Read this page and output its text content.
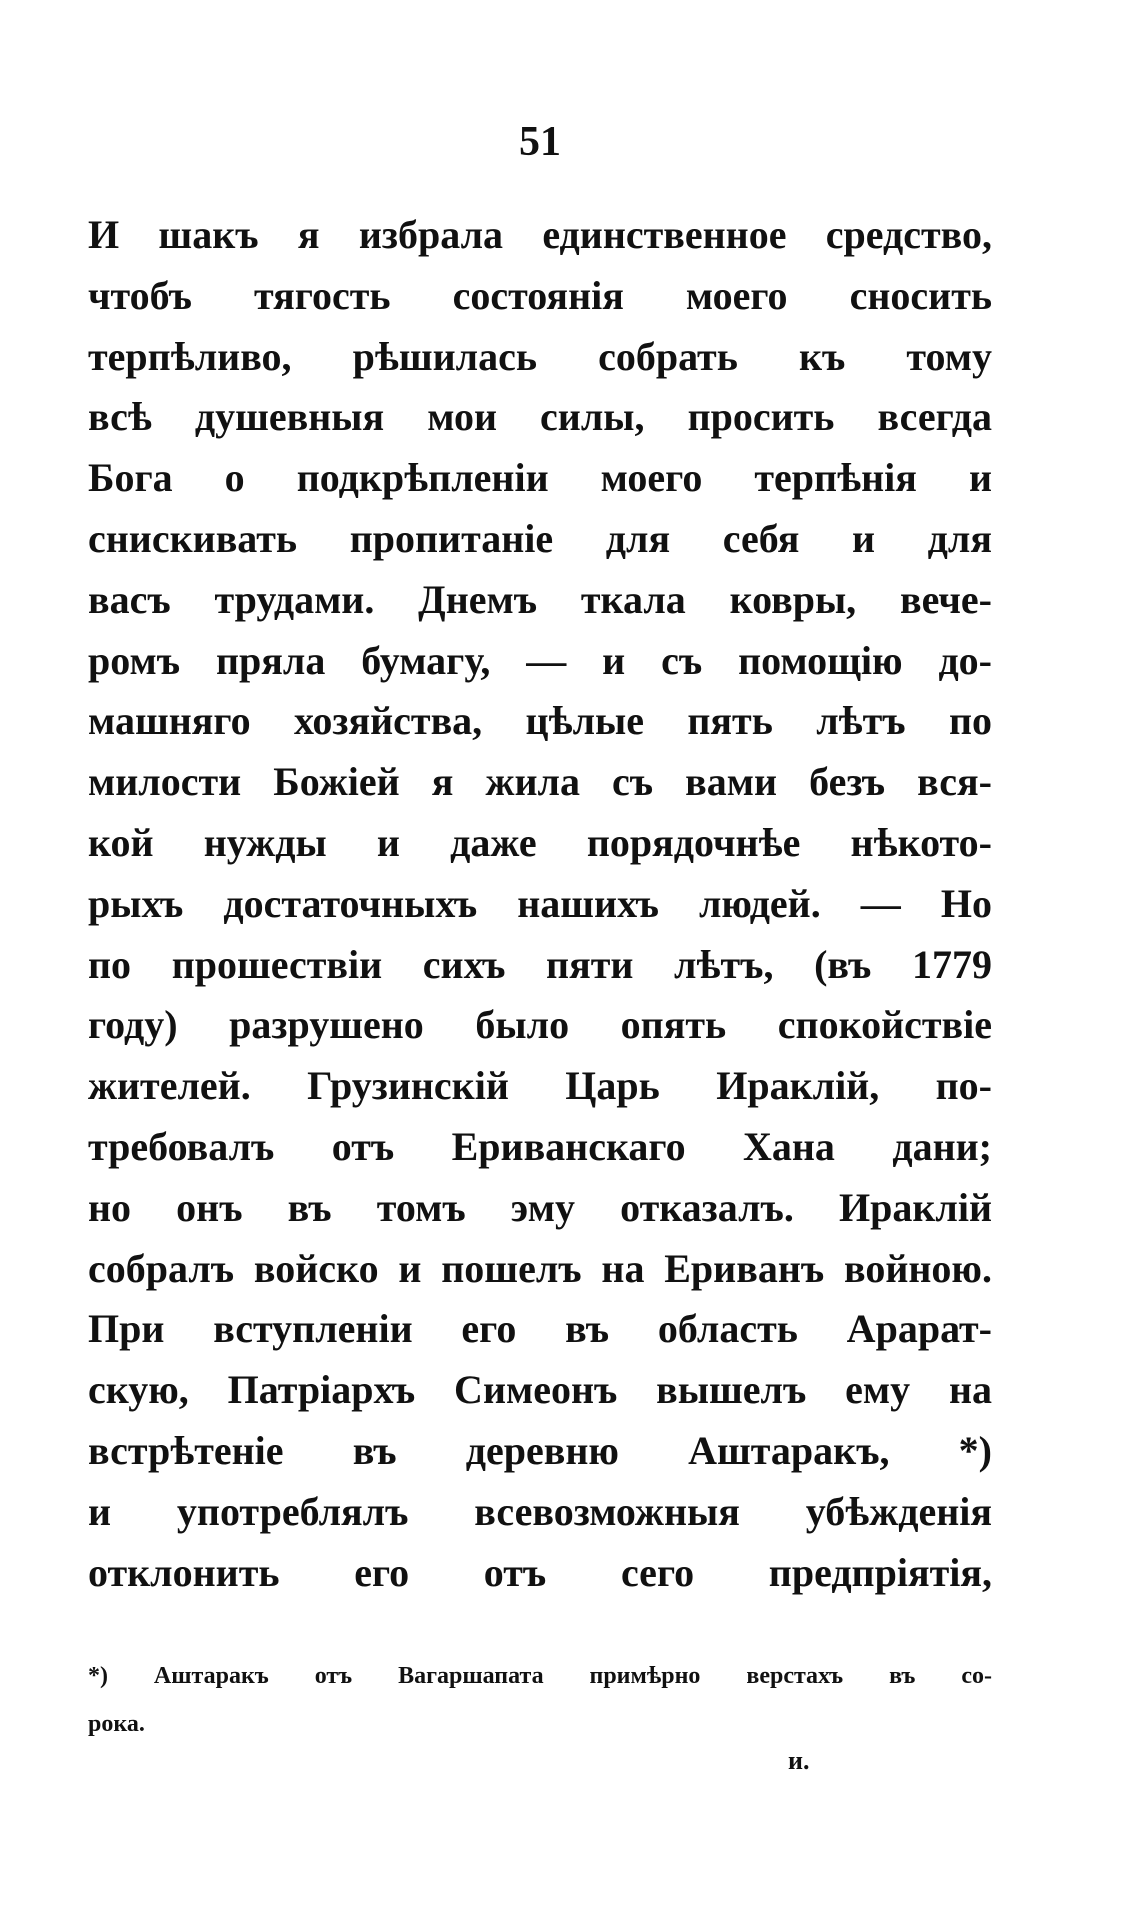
51
И шакъ я избрала единственное средство,
чтобъ тягость состоянія моего сносить
терпѣливо, рѣшилась собрать къ тому
всѣ душевныя мои силы, просить всегда
Бога о подкрѣпленіи моего терпѣнія и
снискивать пропитаніе для себя и для
васъ трудами. Днемъ ткала ковры, вече-
ромъ пряла бумагу, — и съ помощію до-
машняго хозяйства, цѣлые пять лѣтъ по
милости Божіей я жила съ вами безъ вся-
кой нужды и даже порядочнѣе нѣкото-
рыхъ достаточныхъ нашихъ людей. — Но
по прошествіи сихъ пяти лѣтъ, (въ 1779
году) разрушено было опять спокойствіе
жителей. Грузинскій Царь Ираклій, по-
требовалъ отъ Ериванскаго Хана дани;
но онъ въ томъ эму отказалъ. Ираклій
собралъ войско и пошелъ на Ериванъ войною.
При вступленіи его въ область Арарат-
скую, Патріархъ Симеонъ вышелъ ему на
встрѣтеніе въ деревню Аштаракъ, *)
и употреблялъ всевозможныя убѣжденія
отклонить его отъ сего предпріятія,
*) Аштаракъ отъ Вагаршапата примѣрно верстахъ въ со-
рока.
и.
